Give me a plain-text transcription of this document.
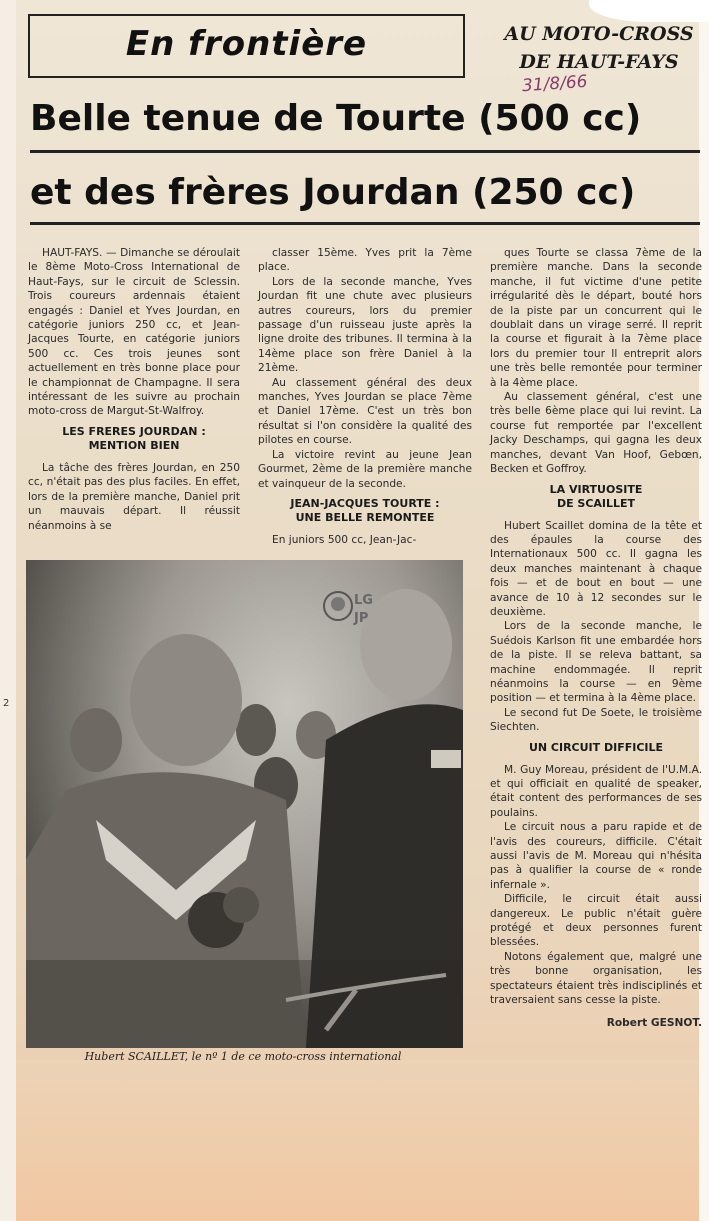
En frontière	AU MOTO-CROSS
DE HAUT-FAYS
31/8/66
Belle tenue de Tourte (500 cc)
et des frères Jourdan (250 cc)

HAUT-FAYS. — Dimanche se déroulait le 8ème Moto-Cross International de Haut-Fays, sur le circuit de Sclessin. Trois coureurs ardennais étaient engagés : Daniel et Yves Jourdan, en catégorie juniors 250 cc, et Jean-Jacques Tourte, en catégorie juniors 500 cc. Ces trois jeunes sont actuellement en très bonne place pour le championnat de Champagne. Il sera intéressant de les suivre au prochain moto-cross de Margut-St-Walfroy.

LES FRERES JOURDAN :
MENTION BIEN

La tâche des frères Jourdan, en 250 cc, n'était pas des plus faciles. En effet, lors de la première manche, Daniel prit un mauvais départ. Il réussit néanmoins à se

classer 15ème. Yves prit la 7ème place.

Lors de la seconde manche, Yves Jourdan fit une chute avec plusieurs autres coureurs, lors du premier passage d'un ruisseau juste après la ligne droite des tribunes. Il termina à la 14ème place son frère Daniel à la 21ème.

Au classement général des deux manches, Yves Jourdan se place 7ème et Daniel 17ème. C'est un très bon résultat si l'on considère la qualité des pilotes en course.

La victoire revint au jeune Jean Gourmet, 2ème de la première manche et vainqueur de la seconde.

JEAN-JACQUES TOURTE :
UNE BELLE REMONTEE

En juniors 500 cc, Jean-Jac-

ques Tourte se classa 7ème de la première manche. Dans la seconde manche, il fut victime d'une petite irrégularité dès le départ, bouté hors de la piste par un concurrent qui le doublait dans un virage serré. Il reprit la course et figurait à la 7ème place lors du premier tour Il entreprit alors une très belle remontée pour terminer à la 4ème place.

Au classement général, c'est une très belle 6ème place qui lui revint. La course fut remportée par l'excellent Jacky Deschamps, qui gagna les deux manches, devant Van Hoof, Gebœn, Becken et Goffroy.

LA VIRTUOSITE
DE SCAILLET

Hubert Scaillet domina de la tête et des épaules la course des Internationaux 500 cc. Il gagna les deux manches maintenant à chaque fois — et de bout en bout — une avance de 10 à 12 secondes sur le deuxième.

Lors de la seconde manche, le Suédois Karlson fit une embardée hors de la piste. Il se releva battant, sa machine endommagée. Il reprit néanmoins la course — en 9ème position — et termina à la 4ème place.

Le second fut De Soete, le troisième Siechten.

UN CIRCUIT DIFFICILE

M. Guy Moreau, président de l'U.M.A. et qui officiait en qualité de speaker, était content des performances de ses poulains.

Le circuit nous a paru rapide et de l'avis des coureurs, difficile. C'était aussi l'avis de M. Moreau qui n'hésita pas à qualifier la course de « ronde infernale ».

Difficile, le circuit était aussi dangereux. Le public n'était guère protégé et deux personnes furent blessées.

Notons également que, malgré une très bonne organisation, les spectateurs étaient très indisciplinés et traversaient sans cesse la piste.

Robert GESNOT.
LG
JP
Hubert SCAILLET, le nº 1 de ce moto-cross international
2
